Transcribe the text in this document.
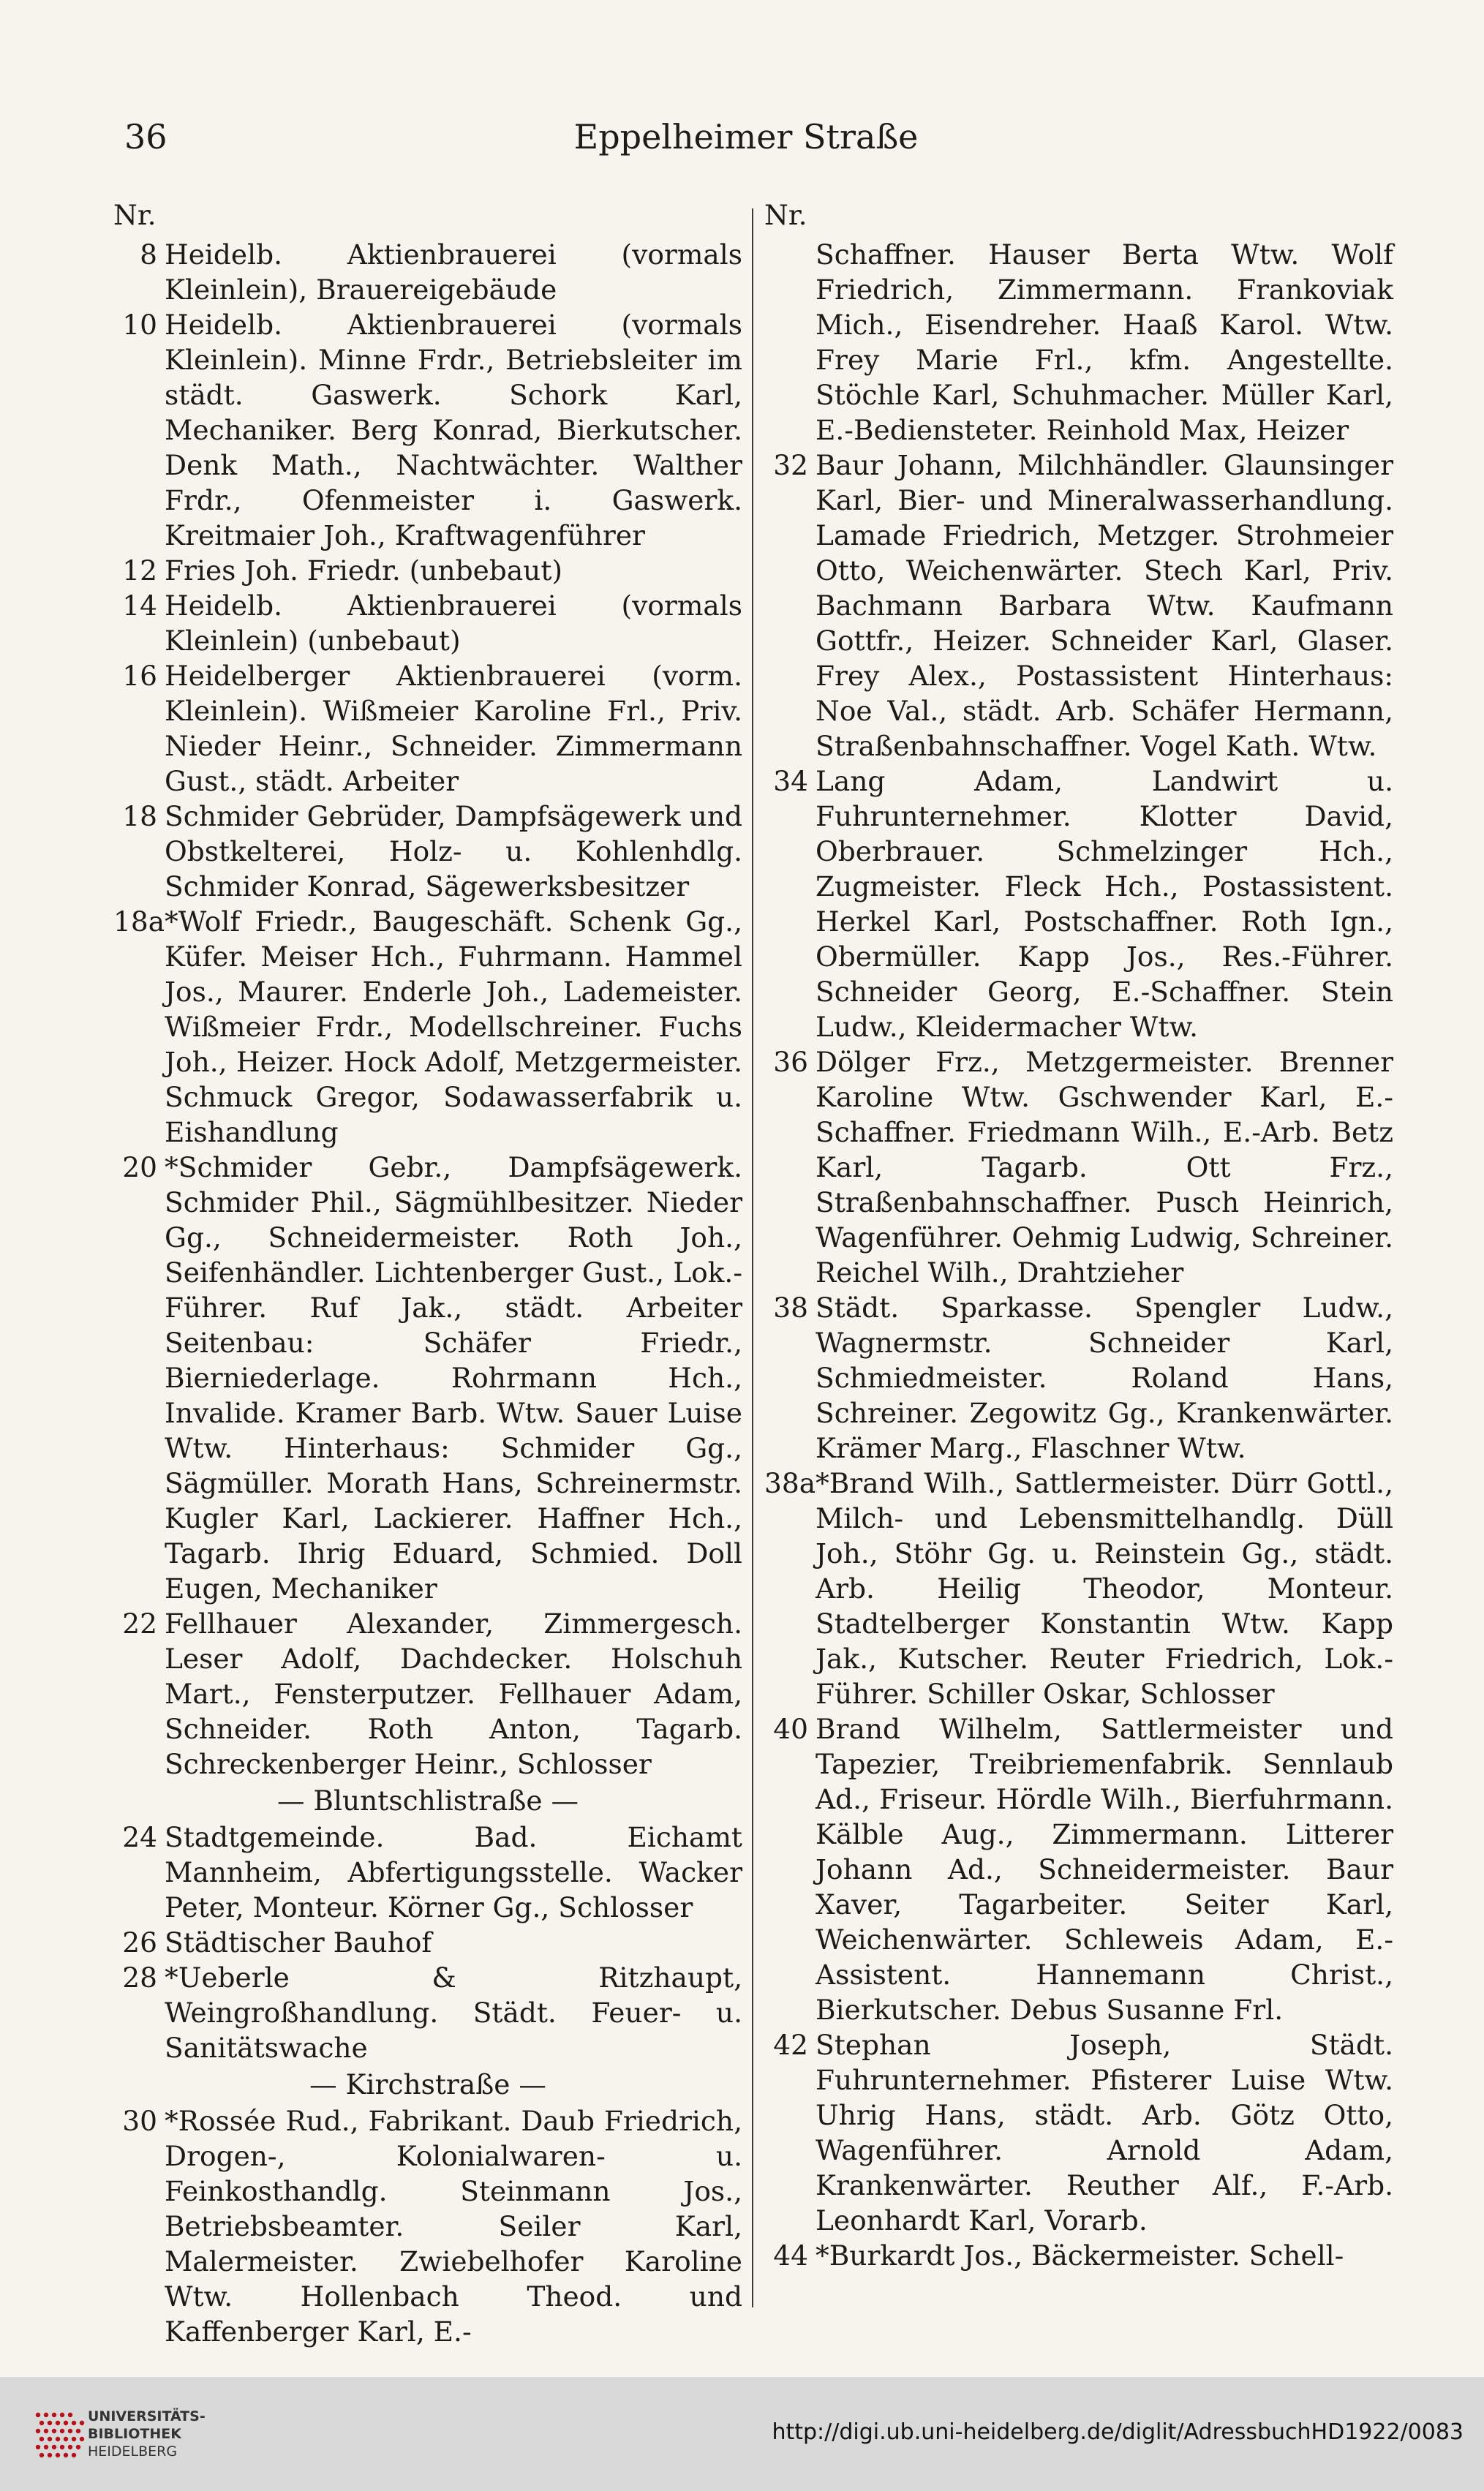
36	Eppelheimer Straße
Nr.
8 Heidelb. Aktienbrauerei (vormals Kleinlein), Brauereigebäude
10 Heidelb. Aktienbrauerei (vormals Kleinlein). Minne Frdr., Betriebsleiter im städt. Gaswerk. Schork Karl, Mechaniker. Berg Konrad, Bierkutscher. Denk Math., Nachtwächter. Walther Frdr., Ofenmeister i. Gaswerk. Kreitmaier Joh., Kraftwagenführer
12 Fries Joh. Friedr. (unbebaut)
14 Heidelb. Aktienbrauerei (vormals Kleinlein) (unbebaut)
16 Heidelberger Aktienbrauerei (vorm. Kleinlein). Wißmeier Karoline Frl., Priv. Nieder Heinr., Schneider. Zimmermann Gust., städt. Arbeiter
18 Schmider Gebrüder, Dampfsägewerk und Obstkelterei, Holz- u. Kohlenhdlg. Schmider Konrad, Sägewerksbesitzer
18a *Wolf Friedr., Baugeschäft. Schenk Gg., Küfer. Meiser Hch., Fuhrmann. Hammel Jos., Maurer. Enderle Joh., Lademeister. Wißmeier Frdr., Modellschreiner. Fuchs Joh., Heizer. Hock Adolf, Metzgermeister. Schmuck Gregor, Sodawasserfabrik u. Eishandlung
20 *Schmider Gebr., Dampfsägewerk. Schmider Phil., Sägmühlbesitzer. Nieder Gg., Schneidermeister. Roth Joh., Seifenhändler. Lichtenberger Gust., Lok.-Führer. Ruf Jak., städt. Arbeiter Seitenbau: Schäfer Friedr., Bierniederlage. Rohrmann Hch., Invalide. Kramer Barb. Wtw. Sauer Luise Wtw. Hinterhaus: Schmider Gg., Sägmüller. Morath Hans, Schreinermstr. Kugler Karl, Lackierer. Haffner Hch., Tagarb. Ihrig Eduard, Schmied. Doll Eugen, Mechaniker
22 Fellhauer Alexander, Zimmergesch. Leser Adolf, Dachdecker. Holschuh Mart., Fensterputzer. Fellhauer Adam, Schneider. Roth Anton, Tagarb. Schreckenberger Heinr., Schlosser
— Bluntschlistraße —
24 Stadtgemeinde. Bad. Eichamt Mannheim, Abfertigungsstelle. Wacker Peter, Monteur. Körner Gg., Schlosser
26 Städtischer Bauhof
28 *Ueberle & Ritzhaupt, Weingroßhandlung. Städt. Feuer- u. Sanitätswache
— Kirchstraße —
30 *Rossée Rud., Fabrikant. Daub Friedrich, Drogen-, Kolonialwaren- u. Feinkosthandlg. Steinmann Jos., Betriebsbeamter. Seiler Karl, Malermeister. Zwiebelhofer Karoline Wtw. Hollenbach Theod. und Kaffenberger Karl, E.-
Nr.
Schaffner. Hauser Berta Wtw. Wolf Friedrich, Zimmermann. Frankoviak Mich., Eisendreher. Haaß Karol. Wtw. Frey Marie Frl., kfm. Angestellte. Stöchle Karl, Schuhmacher. Müller Karl, E.-Bediensteter. Reinhold Max, Heizer
32 Baur Johann, Milchhändler. Glaunsinger Karl, Bier- und Mineralwasserhandlung. Lamade Friedrich, Metzger. Strohmeier Otto, Weichenwärter. Stech Karl, Priv. Bachmann Barbara Wtw. Kaufmann Gottfr., Heizer. Schneider Karl, Glaser. Frey Alex., Postassistent Hinterhaus: Noe Val., städt. Arb. Schäfer Hermann, Straßenbahnschaffner. Vogel Kath. Wtw.
34 Lang Adam, Landwirt u. Fuhrunternehmer. Klotter David, Oberbrauer. Schmelzinger Hch., Zugmeister. Fleck Hch., Postassistent. Herkel Karl, Postschaffner. Roth Ign., Obermüller. Kapp Jos., Res.-Führer. Schneider Georg, E.-Schaffner. Stein Ludw., Kleidermacher Wtw.
36 Dölger Frz., Metzgermeister. Brenner Karoline Wtw. Gschwender Karl, E.-Schaffner. Friedmann Wilh., E.-Arb. Betz Karl, Tagarb. Ott Frz., Straßenbahnschaffner. Pusch Heinrich, Wagenführer. Oehmig Ludwig, Schreiner. Reichel Wilh., Drahtzieher
38 Städt. Sparkasse. Spengler Ludw., Wagnermstr. Schneider Karl, Schmiedmeister. Roland Hans, Schreiner. Zegowitz Gg., Krankenwärter. Krämer Marg., Flaschner Wtw.
38a *Brand Wilh., Sattlermeister. Dürr Gottl., Milch- und Lebensmittelhandlg. Düll Joh., Stöhr Gg. u. Reinstein Gg., städt. Arb. Heilig Theodor, Monteur. Stadtelberger Konstantin Wtw. Kapp Jak., Kutscher. Reuter Friedrich, Lok.-Führer. Schiller Oskar, Schlosser
40 Brand Wilhelm, Sattlermeister und Tapezier, Treibriemenfabrik. Sennlaub Ad., Friseur. Hördle Wilh., Bierfuhrmann. Kälble Aug., Zimmermann. Litterer Johann Ad., Schneidermeister. Baur Xaver, Tagarbeiter. Seiter Karl, Weichenwärter. Schleweis Adam, E.-Assistent. Hannemann Christ., Bierkutscher. Debus Susanne Frl.
42 Stephan Joseph, Städt. Fuhrunternehmer. Pfisterer Luise Wtw. Uhrig Hans, städt. Arb. Götz Otto, Wagenführer. Arnold Adam, Krankenwärter. Reuther Alf., F.-Arb. Leonhardt Karl, Vorarb.
44 *Burkardt Jos., Bäckermeister. Schell-
UNIVERSITÄTS-
BIBLIOTHEK
HEIDELBERG
http://digi.ub.uni-heidelberg.de/diglit/AdressbuchHD1922/0083
